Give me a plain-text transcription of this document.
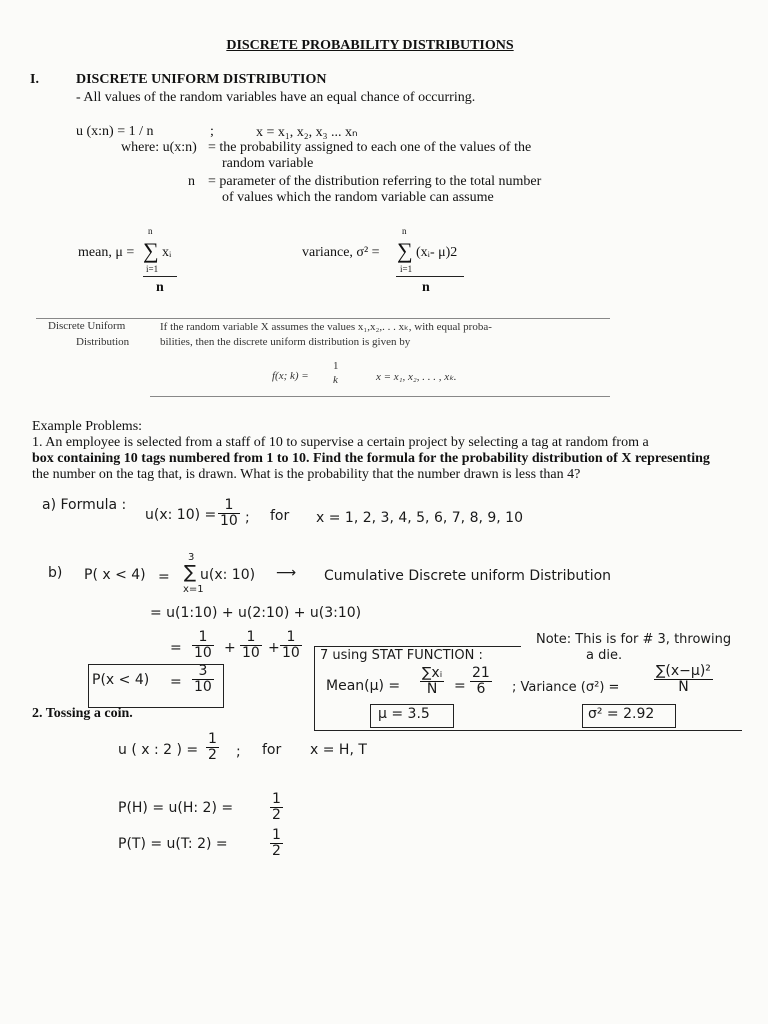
DISCRETE PROBABILITY DISTRIBUTIONS
I.	DISCRETE UNIFORM DISTRIBUTION
- All values of the random variables have an equal chance of occurring.
u (x:n) = 1 / n	;	x = x₁, x₂, x₃ ... xₙ
where: u(x:n) = the probability assigned to each one of the values of the
random variable
n = parameter of the distribution referring to the total number
of values which the random variable can assume
mean, μ =
n
∑ xᵢ
i=1
n
variance, σ² =
n
∑ (xᵢ- μ)2
i=1
n
Discrete Uniform
Distribution
If the random variable X assumes the values x₁,x₂,. . . xₖ, with equal proba-
bilities, then the discrete uniform distribution is given by
f(x; k) =
1
k	x = x₁, x₂, . . . , xₖ.
Example Problems:
1. An employee is selected from a staff of 10 to supervise a certain project by selecting a tag at random from a
box containing 10 tags numbered from 1 to 10. Find the formula for the probability distribution of X representing
the number on the tag that, is drawn. What is the probability that the number drawn is less than 4?
a) Formula :
u(x: $10) = \frac{1}{10}$ ; for x = 1, 2, 3, 4, 5, 6, 7, 8, 9, 10
b) P( x < 4) =
3
∑
x=1
u(x: 10) ⟶ Cumulative Discrete uniform Distribution
= u(1:10) + u(2:10) + u(3:10)
= $\frac{1}{10} + \frac{1}{10} + \frac{1}{10}$
$P(x < 4) = \frac{3}{10}$
7 using STAT FUNCTION :
Mean(μ) = $\frac{\text{∑xᵢ}}{N} = \frac{21}{6}$
μ = 3.5
Note: This is for # 3, throwing
a die.
; Variance $(\sigma^2) = \frac{\text{∑(x−μ)²}}{N}$
σ² = 2.92
2. Tossing a coin.
u ( x : 2 ) = $\frac{1}{2}$ ; for x = H, T
P(H) = u(H: 2) =	$\frac{1}{2}$
P(T) = u(T: 2) =	$\frac{1}{2}$
